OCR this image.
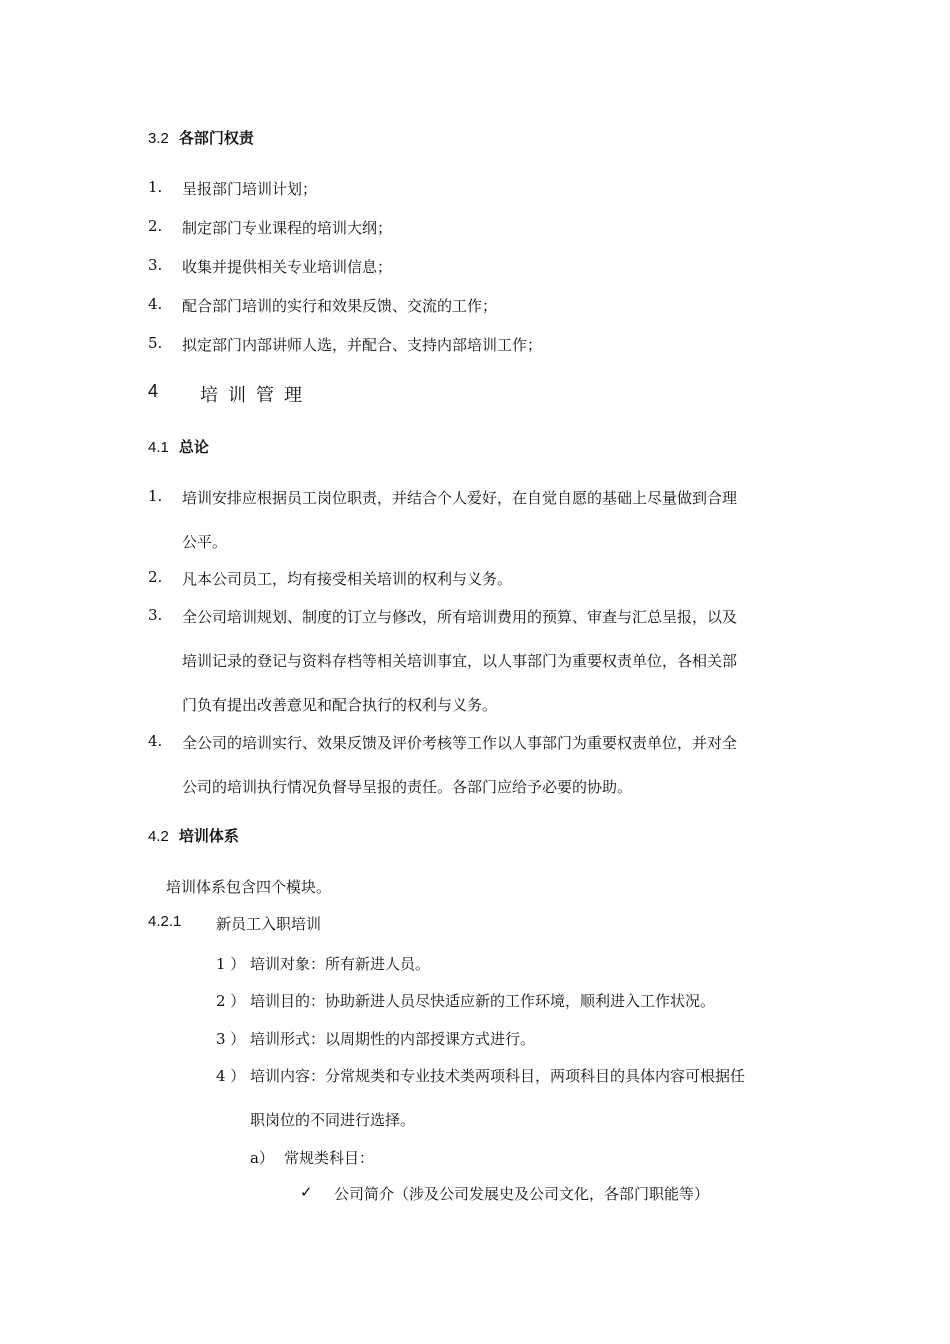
3.2 各部门权责
1. 呈报部门培训计划；
2. 制定部门专业课程的培训大纲；
3. 收集并提供相关专业培训信息；
4. 配合部门培训的实行和效果反馈、交流的工作；
5. 拟定部门内部讲师人选，并配合、支持内部培训工作；
4 培训管理
4.1 总论
1. 培训安排应根据员工岗位职责，并结合个人爱好，在自觉自愿的基础上尽量做到合理
公平。
2. 凡本公司员工，均有接受相关培训的权利与义务。
3. 全公司培训规划、制度的订立与修改，所有培训费用的预算、审查与汇总呈报，以及
培训记录的登记与资料存档等相关培训事宜，以人事部门为重要权责单位，各相关部
门负有提出改善意见和配合执行的权利与义务。
4. 全公司的培训实行、效果反馈及评价考核等工作以人事部门为重要权责单位，并对全
公司的培训执行情况负督导呈报的责任。各部门应给予必要的协助。
4.2 培训体系
培训体系包含四个模块。
4.2.1 新员工入职培训
1 ） 培训对象：所有新进人员。
2 ） 培训目的：协助新进人员尽快适应新的工作环境，顺利进入工作状况。
3 ） 培训形式：以周期性的内部授课方式进行。
4 ） 培训内容：分常规类和专业技术类两项科目，两项科目的具体内容可根据任
职岗位的不同进行选择。
a） 常规类科目：
✓ 公司简介（涉及公司发展史及公司文化，各部门职能等）
